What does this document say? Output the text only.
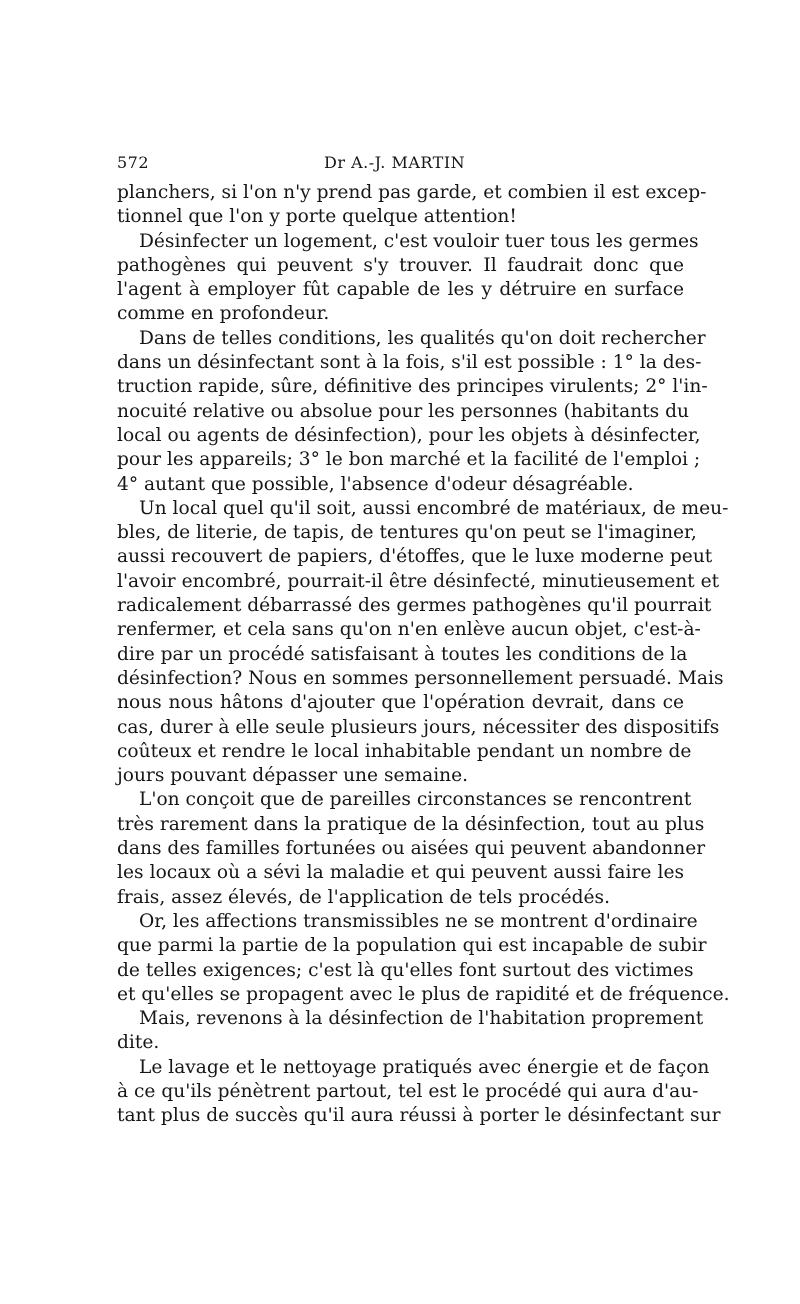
572	Dr A.-J. MARTIN
planchers, si l'on n'y prend pas garde, et combien il est excep-
tionnel que l'on y porte quelque attention!
Désinfecter un logement, c'est vouloir tuer tous les germes
pathogènes qui peuvent s'y trouver. Il faudrait donc que
l'agent à employer fût capable de les y détruire en surface
comme en profondeur.
Dans de telles conditions, les qualités qu'on doit rechercher
dans un désinfectant sont à la fois, s'il est possible : 1° la des-
truction rapide, sûre, définitive des principes virulents; 2° l'in-
nocuité relative ou absolue pour les personnes (habitants du
local ou agents de désinfection), pour les objets à désinfecter,
pour les appareils; 3° le bon marché et la facilité de l'emploi ;
4° autant que possible, l'absence d'odeur désagréable.
Un local quel qu'il soit, aussi encombré de matériaux, de meu-
bles, de literie, de tapis, de tentures qu'on peut se l'imaginer,
aussi recouvert de papiers, d'étoffes, que le luxe moderne peut
l'avoir encombré, pourrait-il être désinfecté, minutieusement et
radicalement débarrassé des germes pathogènes qu'il pourrait
renfermer, et cela sans qu'on n'en enlève aucun objet, c'est-à-
dire par un procédé satisfaisant à toutes les conditions de la
désinfection? Nous en sommes personnellement persuadé. Mais
nous nous hâtons d'ajouter que l'opération devrait, dans ce
cas, durer à elle seule plusieurs jours, nécessiter des dispositifs
coûteux et rendre le local inhabitable pendant un nombre de
jours pouvant dépasser une semaine.
L'on conçoit que de pareilles circonstances se rencontrent
très rarement dans la pratique de la désinfection, tout au plus
dans des familles fortunées ou aisées qui peuvent abandonner
les locaux où a sévi la maladie et qui peuvent aussi faire les
frais, assez élevés, de l'application de tels procédés.
Or, les affections transmissibles ne se montrent d'ordinaire
que parmi la partie de la population qui est incapable de subir
de telles exigences; c'est là qu'elles font surtout des victimes
et qu'elles se propagent avec le plus de rapidité et de fréquence.
Mais, revenons à la désinfection de l'habitation proprement
dite.
Le lavage et le nettoyage pratiqués avec énergie et de façon
à ce qu'ils pénètrent partout, tel est le procédé qui aura d'au-
tant plus de succès qu'il aura réussi à porter le désinfectant sur
